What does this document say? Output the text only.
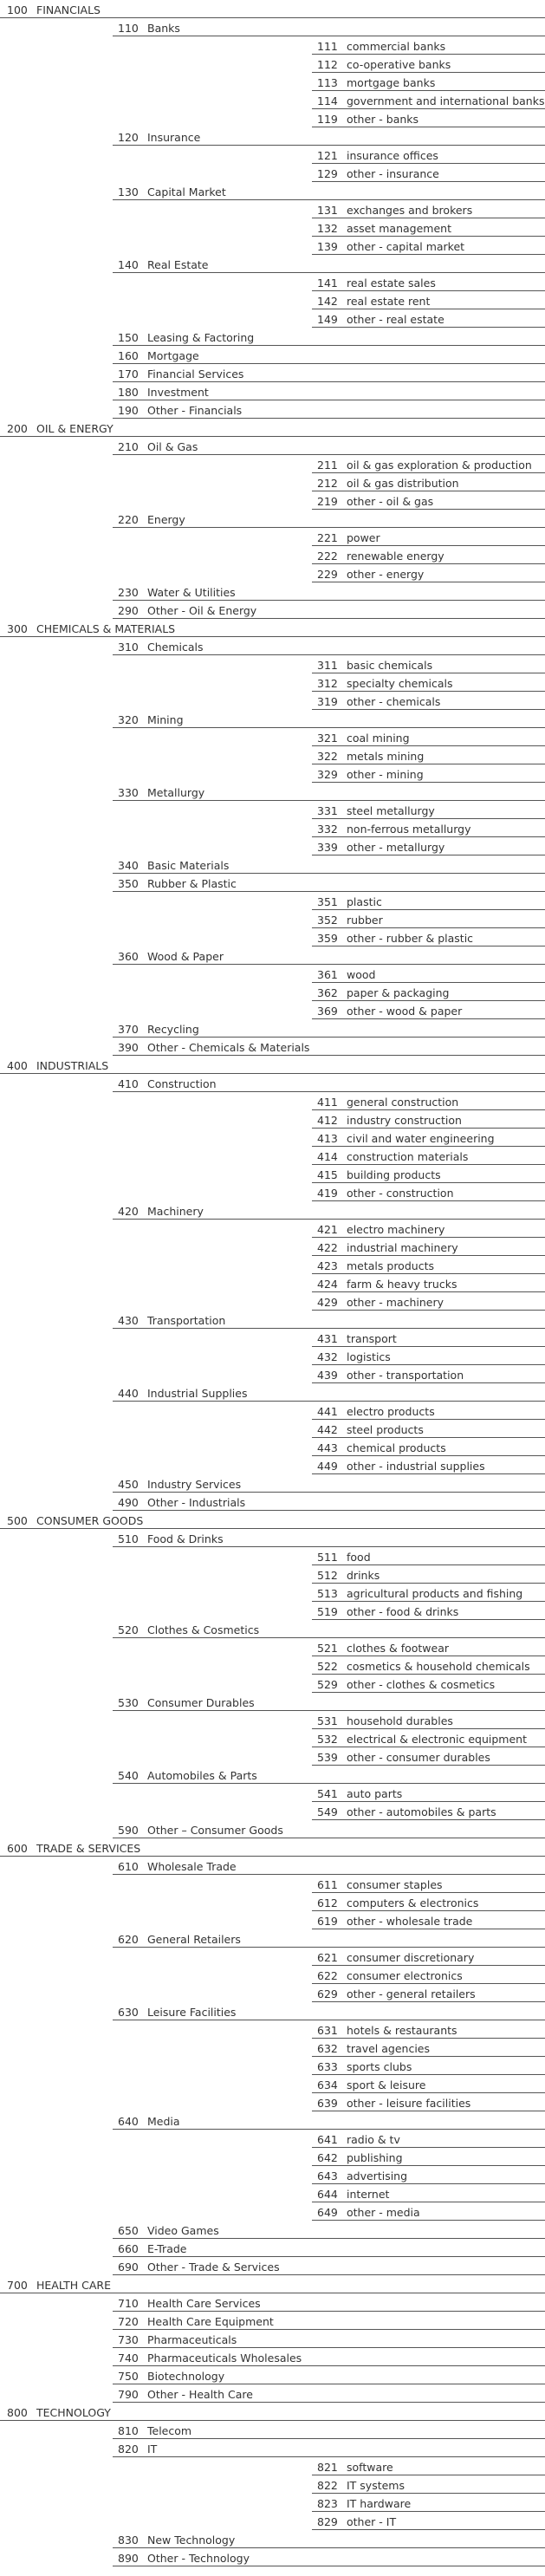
100 FINANCIALS
110 Banks
111 commercial banks
112 co-operative banks
113 mortgage banks
114 government and international banks
119 other - banks
120 Insurance
121 insurance offices
129 other - insurance
130 Capital Market
131 exchanges and brokers
132 asset management
139 other - capital market
140 Real Estate
141 real estate sales
142 real estate rent
149 other - real estate
150 Leasing & Factoring
160 Mortgage
170 Financial Services
180 Investment
190 Other - Financials
200 OIL & ENERGY
210 Oil & Gas
211 oil & gas exploration & production
212 oil & gas distribution
219 other - oil & gas
220 Energy
221 power
222 renewable energy
229 other - energy
230 Water & Utilities
290 Other - Oil & Energy
300 CHEMICALS & MATERIALS
310 Chemicals
311 basic chemicals
312 specialty chemicals
319 other - chemicals
320 Mining
321 coal mining
322 metals mining
329 other - mining
330 Metallurgy
331 steel metallurgy
332 non-ferrous metallurgy
339 other - metallurgy
340 Basic Materials
350 Rubber & Plastic
351 plastic
352 rubber
359 other - rubber & plastic
360 Wood & Paper
361 wood
362 paper & packaging
369 other - wood & paper
370 Recycling
390 Other - Chemicals & Materials
400 INDUSTRIALS
410 Construction
411 general construction
412 industry construction
413 civil and water engineering
414 construction materials
415 building products
419 other - construction
420 Machinery
421 electro machinery
422 industrial machinery
423 metals products
424 farm & heavy trucks
429 other - machinery
430 Transportation
431 transport
432 logistics
439 other - transportation
440 Industrial Supplies
441 electro products
442 steel products
443 chemical products
449 other - industrial supplies
450 Industry Services
490 Other - Industrials
500 CONSUMER GOODS
510 Food & Drinks
511 food
512 drinks
513 agricultural products and fishing
519 other - food & drinks
520 Clothes & Cosmetics
521 clothes & footwear
522 cosmetics & household chemicals
529 other - clothes & cosmetics
530 Consumer Durables
531 household durables
532 electrical & electronic equipment
539 other - consumer durables
540 Automobiles & Parts
541 auto parts
549 other - automobiles & parts
590 Other – Consumer Goods
600 TRADE & SERVICES
610 Wholesale Trade
611 consumer staples
612 computers & electronics
619 other - wholesale trade
620 General Retailers
621 consumer discretionary
622 consumer electronics
629 other - general retailers
630 Leisure Facilities
631 hotels & restaurants
632 travel agencies
633 sports clubs
634 sport & leisure
639 other - leisure facilities
640 Media
641 radio & tv
642 publishing
643 advertising
644 internet
649 other - media
650 Video Games
660 E-Trade
690 Other - Trade & Services
700 HEALTH CARE
710 Health Care Services
720 Health Care Equipment
730 Pharmaceuticals
740 Pharmaceuticals Wholesales
750 Biotechnology
790 Other - Health Care
800 TECHNOLOGY
810 Telecom
820 IT
821 software
822 IT systems
823 IT hardware
829 other - IT
830 New Technology
890 Other - Technology
